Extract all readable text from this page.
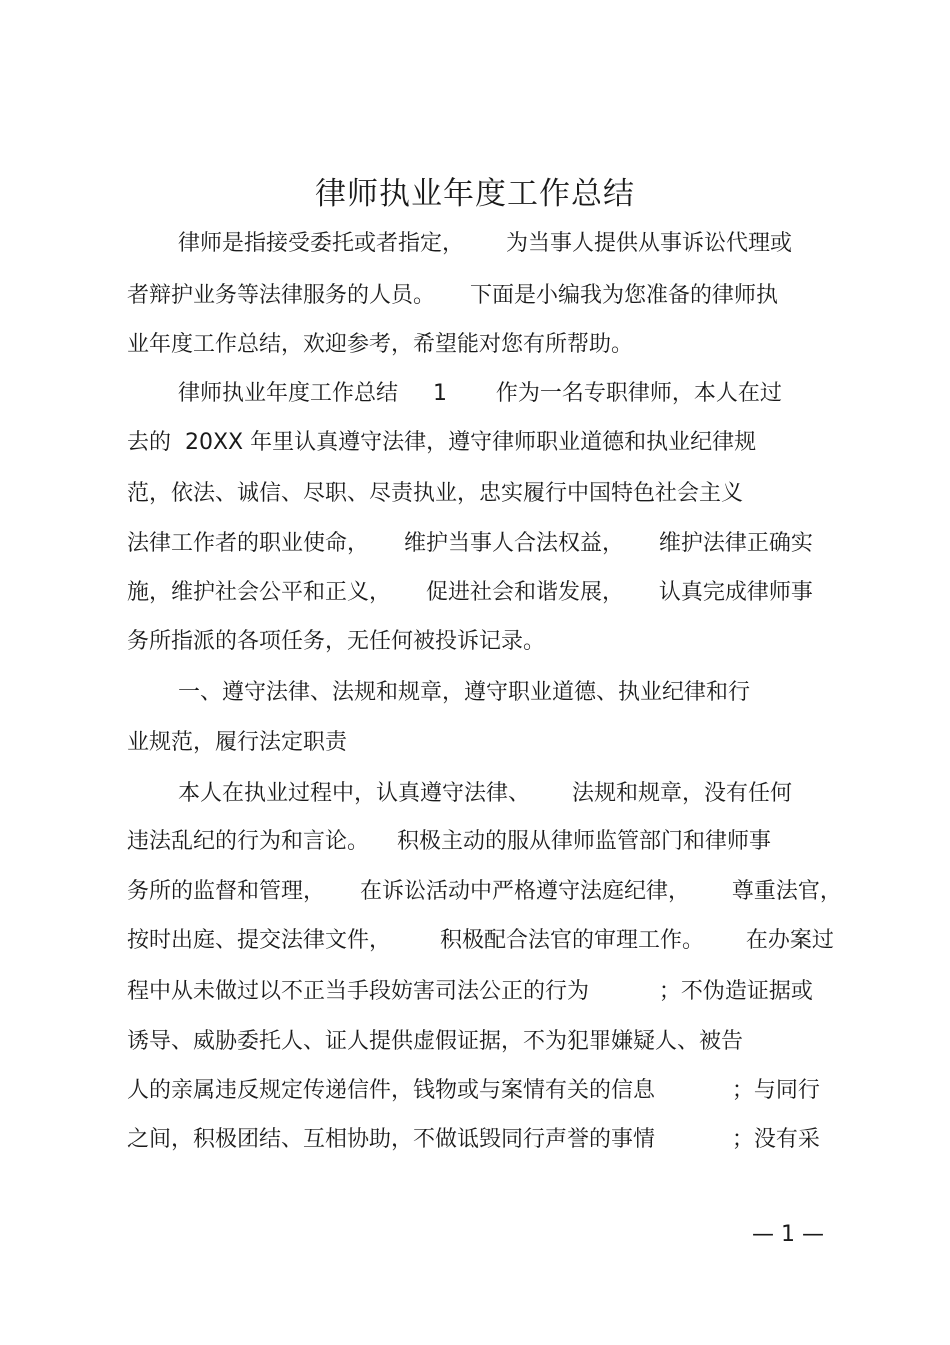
律师执业年度工作总结
律师是指接受委托或者指定，      为当事人提供从事诉讼代理或
者辩护业务等法律服务的人员。     下面是小编我为您准备的律师执
业年度工作总结，欢迎参考，希望能对您有所帮助。
律师执业年度工作总结     1       作为一名专职律师，本人在过
去的  20XX 年里认真遵守法律，遵守律师职业道德和执业纪律规
范，依法、诚信、尽职、尽责执业，忠实履行中国特色社会主义
法律工作者的职业使命，     维护当事人合法权益，     维护法律正确实
施，维护社会公平和正义，     促进社会和谐发展，     认真完成律师事
务所指派的各项任务，无任何被投诉记录。
一、遵守法律、法规和规章，遵守职业道德、执业纪律和行
业规范，履行法定职责
本人在执业过程中，认真遵守法律、      法规和规章，没有任何
违法乱纪的行为和言论。    积极主动的服从律师监管部门和律师事
务所的监督和管理，     在诉讼活动中严格遵守法庭纪律，      尊重法官，
按时出庭、提交法律文件，       积极配合法官的审理工作。      在办案过
程中从未做过以不正当手段妨害司法公正的行为          ；不伪造证据或
诱导、威胁委托人、证人提供虚假证据，不为犯罪嫌疑人、被告
人的亲属违反规定传递信件，钱物或与案情有关的信息           ；与同行
之间，积极团结、互相协助，不做诋毁同行声誉的事情           ；没有采
— 1 —
